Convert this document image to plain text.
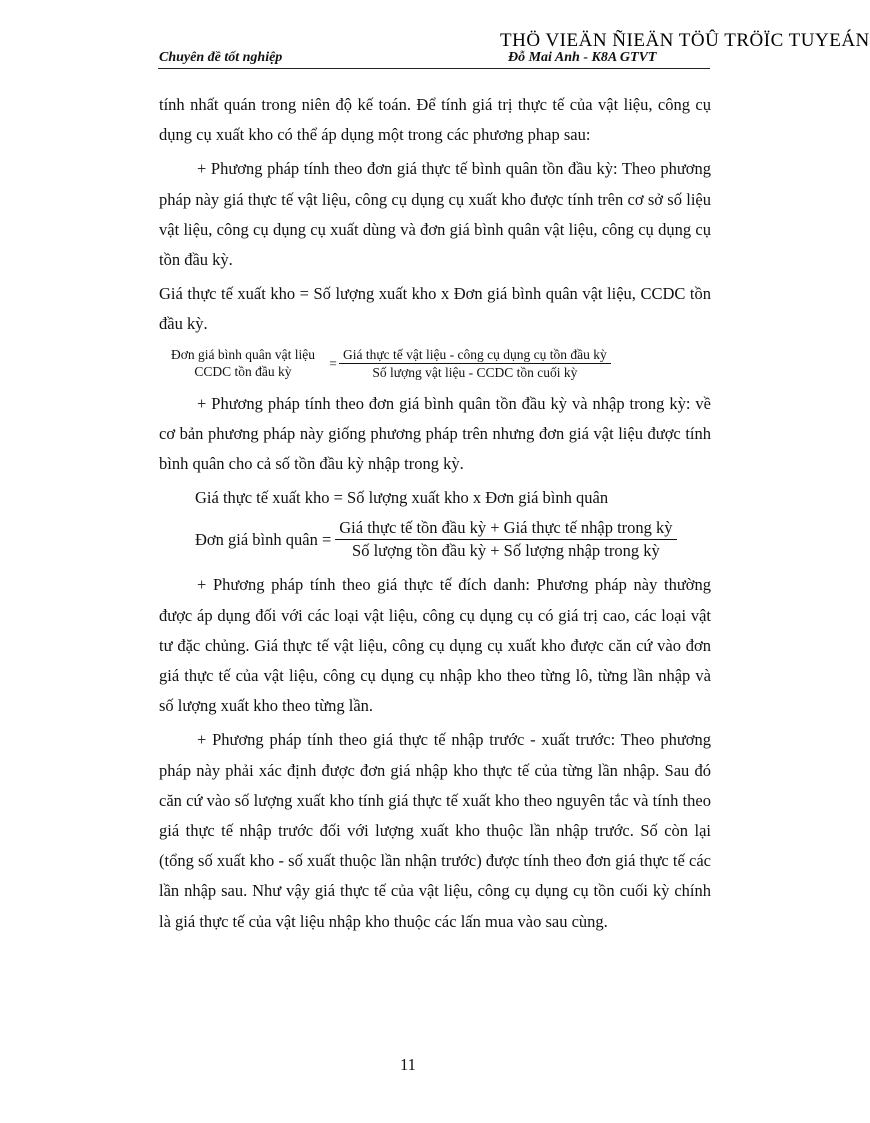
Chuyên đề tốt nghiệp	Đỗ Mai Anh - K8A GTVT
THÖ VIEÄN ÑIEÄN TÖÛ TRÖÏC TUYEÁN

tính nhất quán trong niên độ kế toán. Để tính giá trị thực tế của vật liệu, công cụ dụng cụ xuất kho có thể áp dụng một trong các phương phap sau:

+ Phương pháp tính theo đơn giá thực tế bình quân tồn đầu kỳ: Theo phương pháp này giá thực tế vật liệu, công cụ dụng cụ xuất kho được tính trên cơ sở số liệu vật liệu, công cụ dụng cụ xuất dùng và đơn giá bình quân vật liệu, công cụ dụng cụ tồn đầu kỳ.

Giá thực tế xuất kho = Số lượng xuất kho x Đơn giá bình quân vật liệu, CCDC tồn đầu kỳ.

Đơn giá bình quân vật liệu
CCDC tồn đầu kỳ
= $\frac{\text{Giá thực tế vật liệu - công cụ dụng cụ tồn đầu kỳ}}{\text{Số lượng vật liệu - CCDC tồn cuối kỳ}}$

+ Phương pháp tính theo đơn giá bình quân tồn đầu kỳ và nhập trong kỳ: về cơ bản phương pháp này giống phương pháp trên nhưng đơn giá vật liệu được tính bình quân cho cả số tồn đầu kỳ nhập trong kỳ.

Giá thực tế xuất kho = Số lượng xuất kho x Đơn giá bình quân

Đơn giá bình quân = $\frac{\text{Giá thực tế tồn đầu kỳ + Giá thực tế nhập trong kỳ}}{\text{Số lượng tồn đầu kỳ + Số lượng nhập trong kỳ}}$

+ Phương pháp tính theo giá thực tế đích danh: Phương pháp này thường được áp dụng đối với các loại vật liệu, công cụ dụng cụ có giá trị cao, các loại vật tư đặc chủng. Giá thực tế vật liệu, công cụ dụng cụ xuất kho được căn cứ vào đơn giá thực tế của vật liệu, công cụ dụng cụ nhập kho theo từng lô, từng lần nhập và số lượng xuất kho theo từng lần.

+ Phương pháp tính theo giá thực tế nhập trước - xuất trước: Theo phương pháp này phải xác định được đơn giá nhập kho thực tế của từng lần nhập. Sau đó căn cứ vào số lượng xuất kho tính giá thực tế xuất kho theo nguyên tắc và tính theo giá thực tế nhập trước đối với lượng xuất kho thuộc lần nhập trước. Số còn lại (tổng số xuất kho - số xuất thuộc lần nhận trước) được tính theo đơn giá thực tế các lần nhập sau. Như vậy giá thực tế của vật liệu, công cụ dụng cụ tồn cuối kỳ chính là giá thực tế của vật liệu nhập kho thuộc các lấn mua vào sau cùng.

11
